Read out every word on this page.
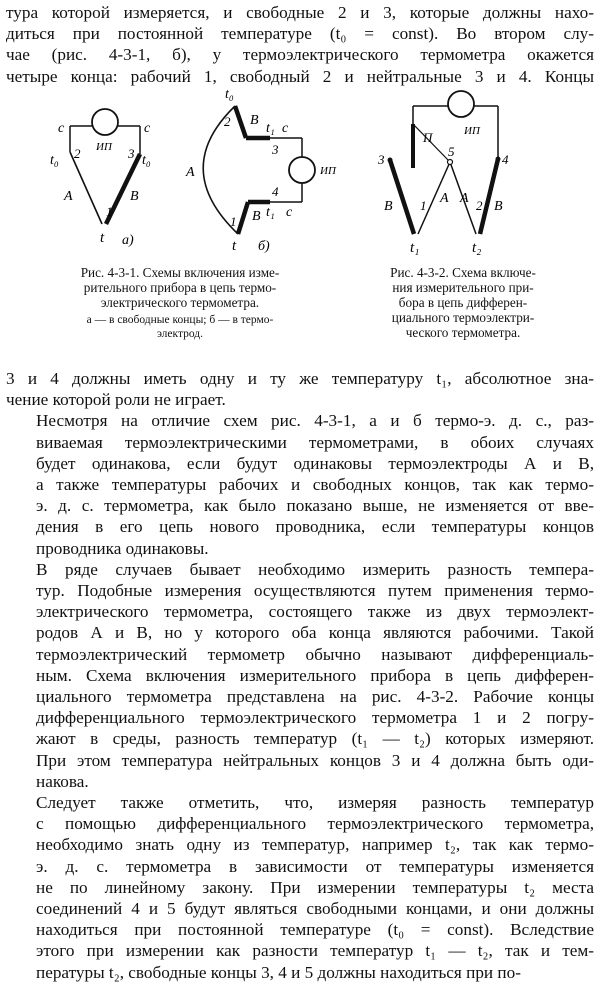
тура которой измеряется, и свободные 2 и 3, которые должны нахо-
диться при постоянной температуре (t₀ = const). Во втором слу-
чае (рис. 4-3-1, б), у термоэлектрического термометра окажется
четыре конца: рабочий 1, свободный 2 и нейтральные 3 и 4. Концы

с	с
ИП
t₀ 2	3 t₀
А	В
1
t а)
t₀
2 В
t₁ с
3
ИП
А
4
В t₁ с
1
t б)
ИП
П
3
5
4
В 1 А А 2 В
t₁	t₂
Рис. 4-3-1. Схемы включения изме-
рительного прибора в цепь термо-
электрического термометра.
а — в свободные концы; б — в термо-
электрод.
Рис. 4-3-2. Схема включе-
ния измерительного при-
бора в цепь дифферен-
циального термоэлектри-
ческого термометра.

3 и 4 должны иметь одну и ту же температуру t₁, абсолютное зна-
чение которой роли не играет.

Несмотря на отличие схем рис. 4-3-1, а и б термо-э. д. с., раз-
виваемая термоэлектрическими термометрами, в обоих случаях
будет одинакова, если будут одинаковы термоэлектроды А и В,
а также температуры рабочих и свободных концов, так как термо-
э. д. с. термометра, как было показано выше, не изменяется от вве-
дения в его цепь нового проводника, если температуры концов
проводника одинаковы.

В ряде случаев бывает необходимо измерить разность темпера-
тур. Подобные измерения осуществляются путем применения термо-
электрического термометра, состоящего также из двух термоэлект-
родов А и В, но у которого оба конца являются рабочими. Такой
термоэлектрический термометр обычно называют дифференциаль-
ным. Схема включения измерительного прибора в цепь дифферен-
циального термометра представлена на рис. 4-3-2. Рабочие концы
дифференциального термоэлектрического термометра 1 и 2 погру-
жают в среды, разность температур (t₁ — t₂) которых измеряют.
При этом температура нейтральных концов 3 и 4 должна быть оди-
накова.

Следует также отметить, что, измеряя разность температур
с помощью дифференциального термоэлектрического термометра,
необходимо знать одну из температур, например t₂, так как термо-
э. д. с. термометра в зависимости от температуры изменяется
не по линейному закону. При измерении температуры t₂ места
соединений 4 и 5 будут являться свободными концами, и они должны
находиться при постоянной температуре (t₀ = const). Вследствие
этого при измерении как разности температур t₁ — t₂, так и тем-
пературы t₂, свободные концы 3, 4 и 5 должны находиться при по-
